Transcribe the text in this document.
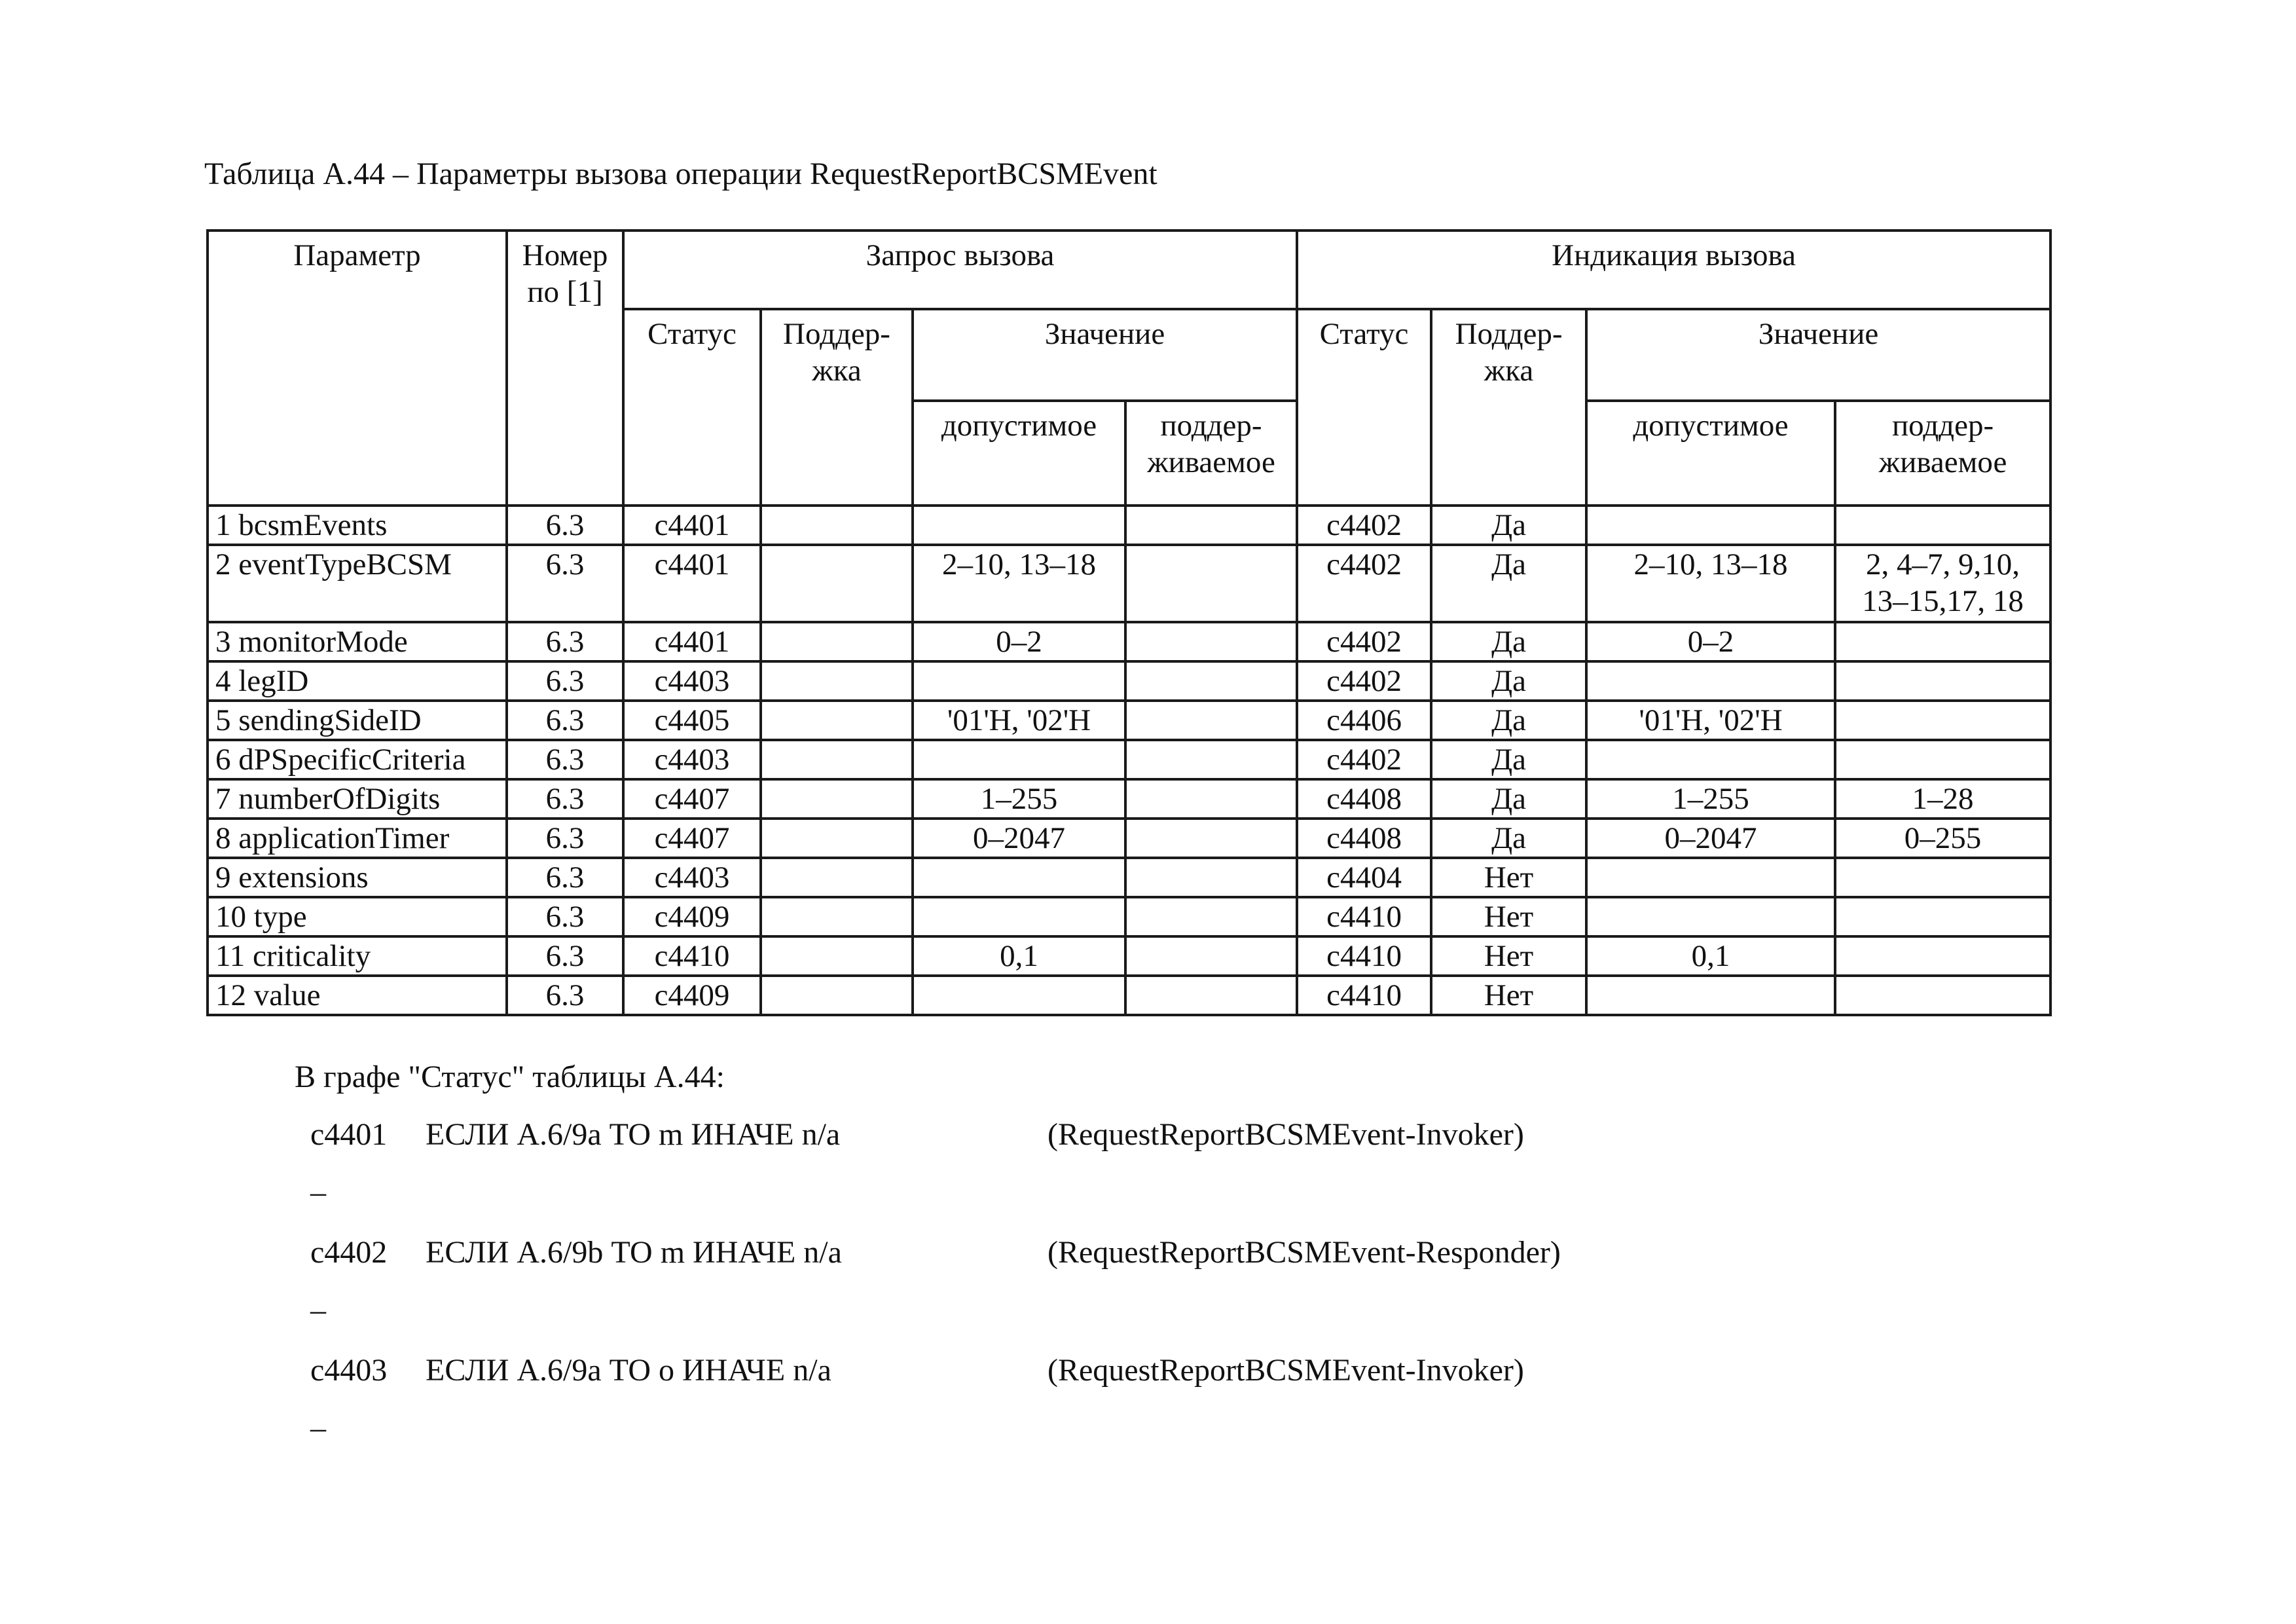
Таблица А.44 – Параметры вызова операции RequestReportBCSMEvent
Параметр	Номер по [1]	Запрос вызова				Индикация вызова			
		Статус	Поддер-жка	Значение		Статус	Поддер-жка	Значение	
				допустимое	поддер-живаемое			допустимое	поддер-живаемое
1 bcsmEvents	6.3	c4401				c4402	Да		
2 eventTypeBCSM	6.3	c4401		2–10, 13–18		c4402	Да	2–10, 13–18	2, 4–7, 9,10, 13–15,17, 18
3 monitorMode	6.3	c4401		0–2		c4402	Да	0–2	
4 legID	6.3	c4403				c4402	Да		
5 sendingSideID	6.3	c4405		'01'H, '02'H		c4406	Да	'01'H, '02'H	
6 dPSpecificCriteria	6.3	c4403				c4402	Да		
7 numberOfDigits	6.3	c4407		1–255		c4408	Да	1–255	1–28
8 applicationTimer	6.3	c4407		0–2047		c4408	Да	0–2047	0–255
9 extensions	6.3	c4403				c4404	Нет		
10 type	6.3	c4409				c4410	Нет		
11 criticality	6.3	c4410		0,1		c4410	Нет	0,1	
12 value	6.3	c4409				c4410	Нет		
В графе "Статус" таблицы А.44:
c4401 ЕСЛИ А.6/9а ТО m ИНАЧЕ n/a	(RequestReportBCSMEvent-Invoker)
–
c4402 ЕСЛИ А.6/9b ТО m ИНАЧЕ n/a	(RequestReportBCSMEvent-Responder)
–
c4403 ЕСЛИ А.6/9а ТО o ИНАЧЕ n/a	(RequestReportBCSMEvent-Invoker)
–
